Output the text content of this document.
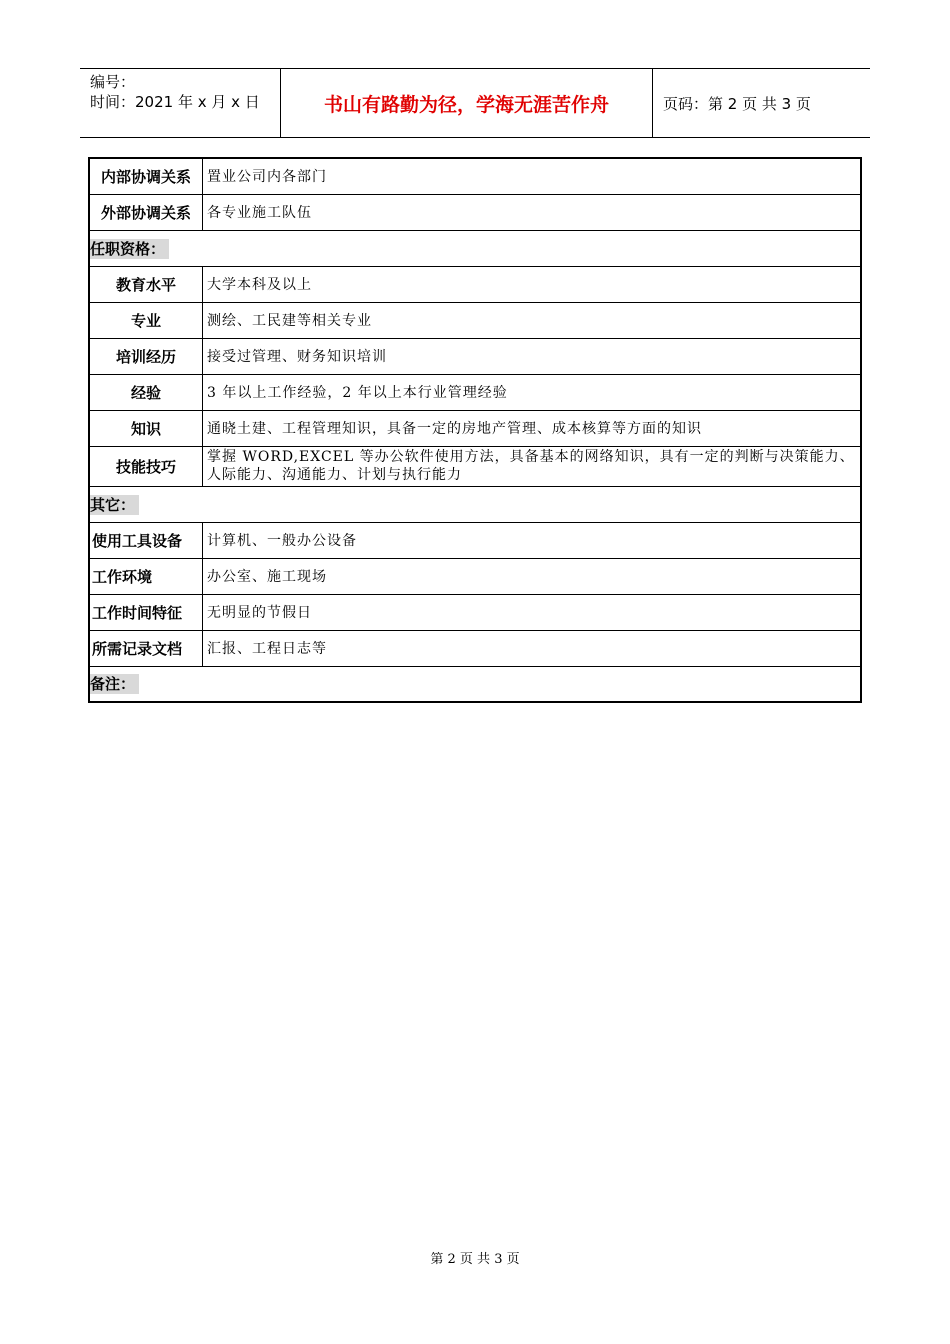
编号：
时间：2021 年 x 月 x 日	书山有路勤为径，学海无涯苦作舟	页码：第 2 页 共 3 页
内部协调关系	置业公司内各部门
外部协调关系	各专业施工队伍
任职资格：	
教育水平	大学本科及以上
专业	测绘、工民建等相关专业
培训经历	接受过管理、财务知识培训
经验	3 年以上工作经验，2 年以上本行业管理经验
知识	通晓土建、工程管理知识，具备一定的房地产管理、成本核算等方面的知识
技能技巧	掌握 WORD,EXCEL 等办公软件使用方法，具备基本的网络知识，具有一定的判断与决策能力、人际能力、沟通能力、计划与执行能力
其它：	
使用工具设备	计算机、一般办公设备
工作环境	办公室、施工现场
工作时间特征	无明显的节假日
所需记录文档	汇报、工程日志等
备注：	
第 2 页 共 3 页
